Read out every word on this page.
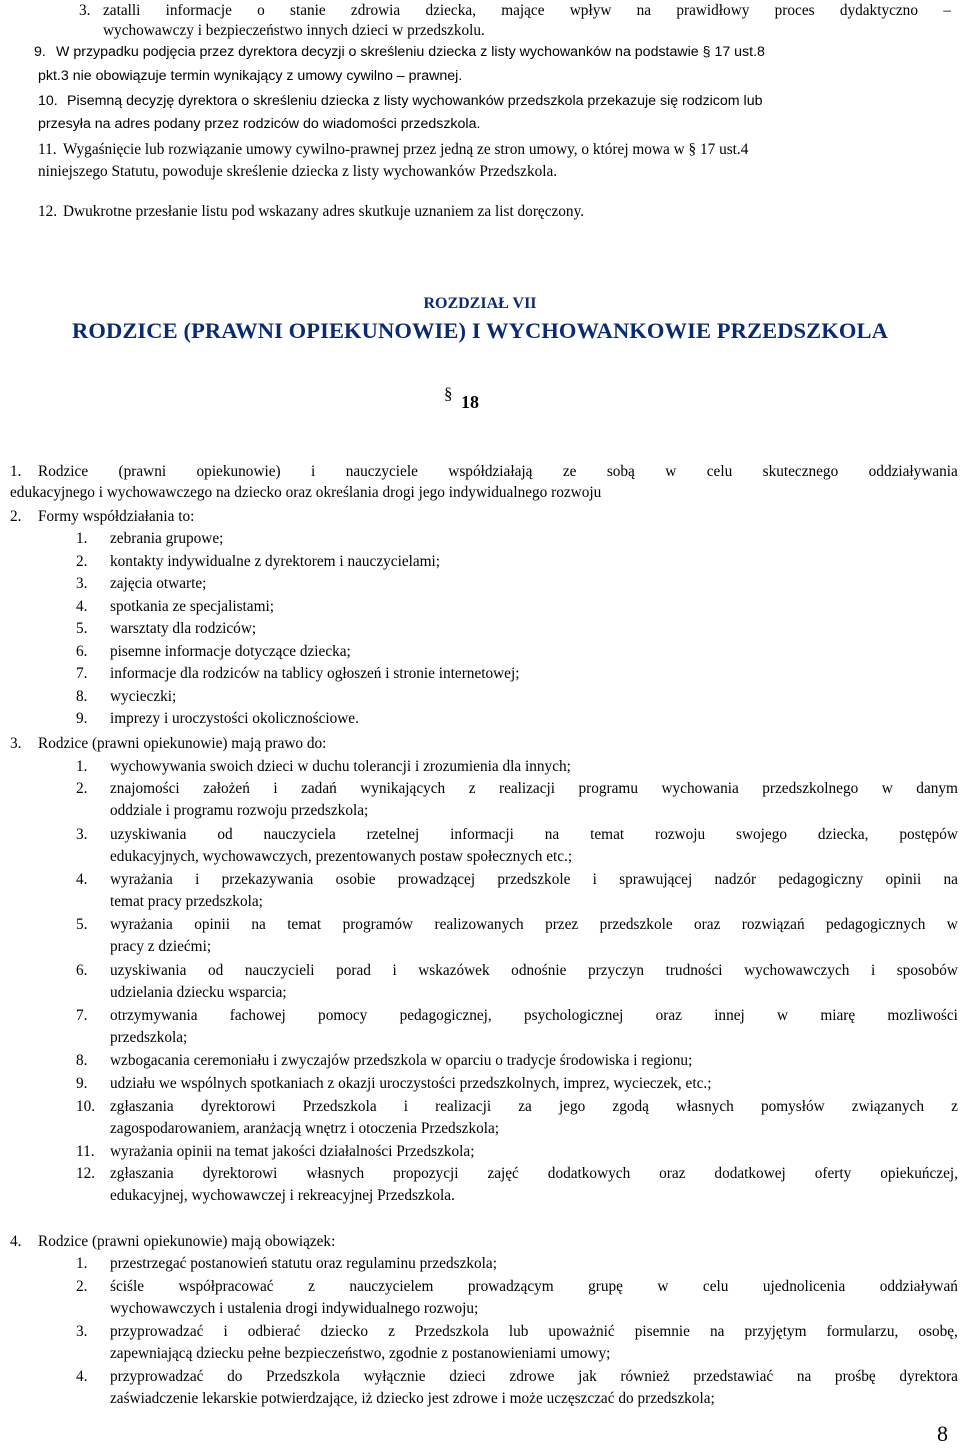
3. zatalli informacje o stanie zdrowia dziecka, mające wpływ na prawidłowy proces dydaktyczno –
wychowawczy i bezpieczeństwo innych dzieci w przedszkolu.
9. W przypadku podjęcia przez dyrektora decyzji o skreśleniu dziecka z listy wychowanków na podstawie § 17 ust.8
pkt.3 nie obowiązuje termin wynikający z umowy cywilno – prawnej.
10. Pisemną decyzję dyrektora o skreśleniu dziecka z listy wychowanków przedszkola przekazuje się rodzicom lub
przesyła na adres podany przez rodziców do wiadomości przedszkola.
11. Wygaśnięcie lub rozwiązanie umowy cywilno-prawnej przez jedną ze stron umowy, o której mowa w § 17 ust.4
niniejszego Statutu, powoduje skreślenie dziecka z listy wychowanków Przedszkola.
12. Dwukrotne przesłanie listu pod wskazany adres skutkuje uznaniem za list doręczony.
ROZDZIAŁ VII
RODZICE (PRAWNI OPIEKUNOWIE) I WYCHOWANKOWIE PRZEDSZKOLA
§ 18
1. Rodzice (prawni opiekunowie) i nauczyciele współdziałają ze sobą w celu skutecznego oddziaływania
edukacyjnego i wychowawczego na dziecko oraz określania drogi jego indywidualnego rozwoju
2. Formy współdziałania to:
1. zebrania grupowe;
2. kontakty indywidualne z dyrektorem i nauczycielami;
3. zajęcia otwarte;
4. spotkania ze specjalistami;
5. warsztaty dla rodziców;
6. pisemne informacje dotyczące dziecka;
7. informacje dla rodziców na tablicy ogłoszeń i stronie internetowej;
8. wycieczki;
9. imprezy i uroczystości okolicznościowe.
3. Rodzice (prawni opiekunowie) mają prawo do:
1. wychowywania swoich dzieci w duchu tolerancji i zrozumienia dla innych;
2. znajomości założeń i zadań wynikających z realizacji programu wychowania przedszkolnego w danym
oddziale i programu rozwoju przedszkola;
3. uzyskiwania od nauczyciela rzetelnej informacji na temat rozwoju swojego dziecka, postępów
edukacyjnych, wychowawczych, prezentowanych postaw społecznych etc.;
4. wyrażania i przekazywania osobie prowadzącej przedszkole i sprawującej nadzór pedagogiczny opinii na
temat pracy przedszkola;
5. wyrażania opinii na temat programów realizowanych przez przedszkole oraz rozwiązań pedagogicznych w
pracy z dziećmi;
6. uzyskiwania od nauczycieli porad i wskazówek odnośnie przyczyn trudności wychowawczych i sposobów
udzielania dziecku wsparcia;
7. otrzymywania fachowej pomocy pedagogicznej, psychologicznej oraz innej w miarę mozliwości
przedszkola;
8. wzbogacania ceremoniału i zwyczajów przedszkola w oparciu o tradycje środowiska i regionu;
9. udziału we wspólnych spotkaniach z okazji uroczystości przedszkolnych, imprez, wycieczek, etc.;
10. zgłaszania dyrektorowi Przedszkola i realizacji za jego zgodą własnych pomysłów związanych z
zagospodarowaniem, aranżacją wnętrz i otoczenia Przedszkola;
11. wyrażania opinii na temat jakości działalności Przedszkola;
12. zgłaszania dyrektorowi własnych propozycji zajęć dodatkowych oraz dodatkowej oferty opiekuńczej,
edukacyjnej, wychowawczej i rekreacyjnej Przedszkola.
4. Rodzice (prawni opiekunowie) mają obowiązek:
1. przestrzegać postanowień statutu oraz regulaminu przedszkola;
2. ściśle współpracować z nauczycielem prowadzącym grupę w celu ujednolicenia oddziaływań
wychowawczych i ustalenia drogi indywidualnego rozwoju;
3. przyprowadzać i odbierać dziecko z Przedszkola lub upoważnić pisemnie na przyjętym formularzu, osobę,
zapewniającą dziecku pełne bezpieczeństwo, zgodnie z postanowieniami umowy;
4. przyprowadzać do Przedszkola wyłącznie dzieci zdrowe jak również przedstawiać na prośbę dyrektora
zaświadczenie lekarskie potwierdzające, iż dziecko jest zdrowe i może uczęszczać do przedszkola;
8
